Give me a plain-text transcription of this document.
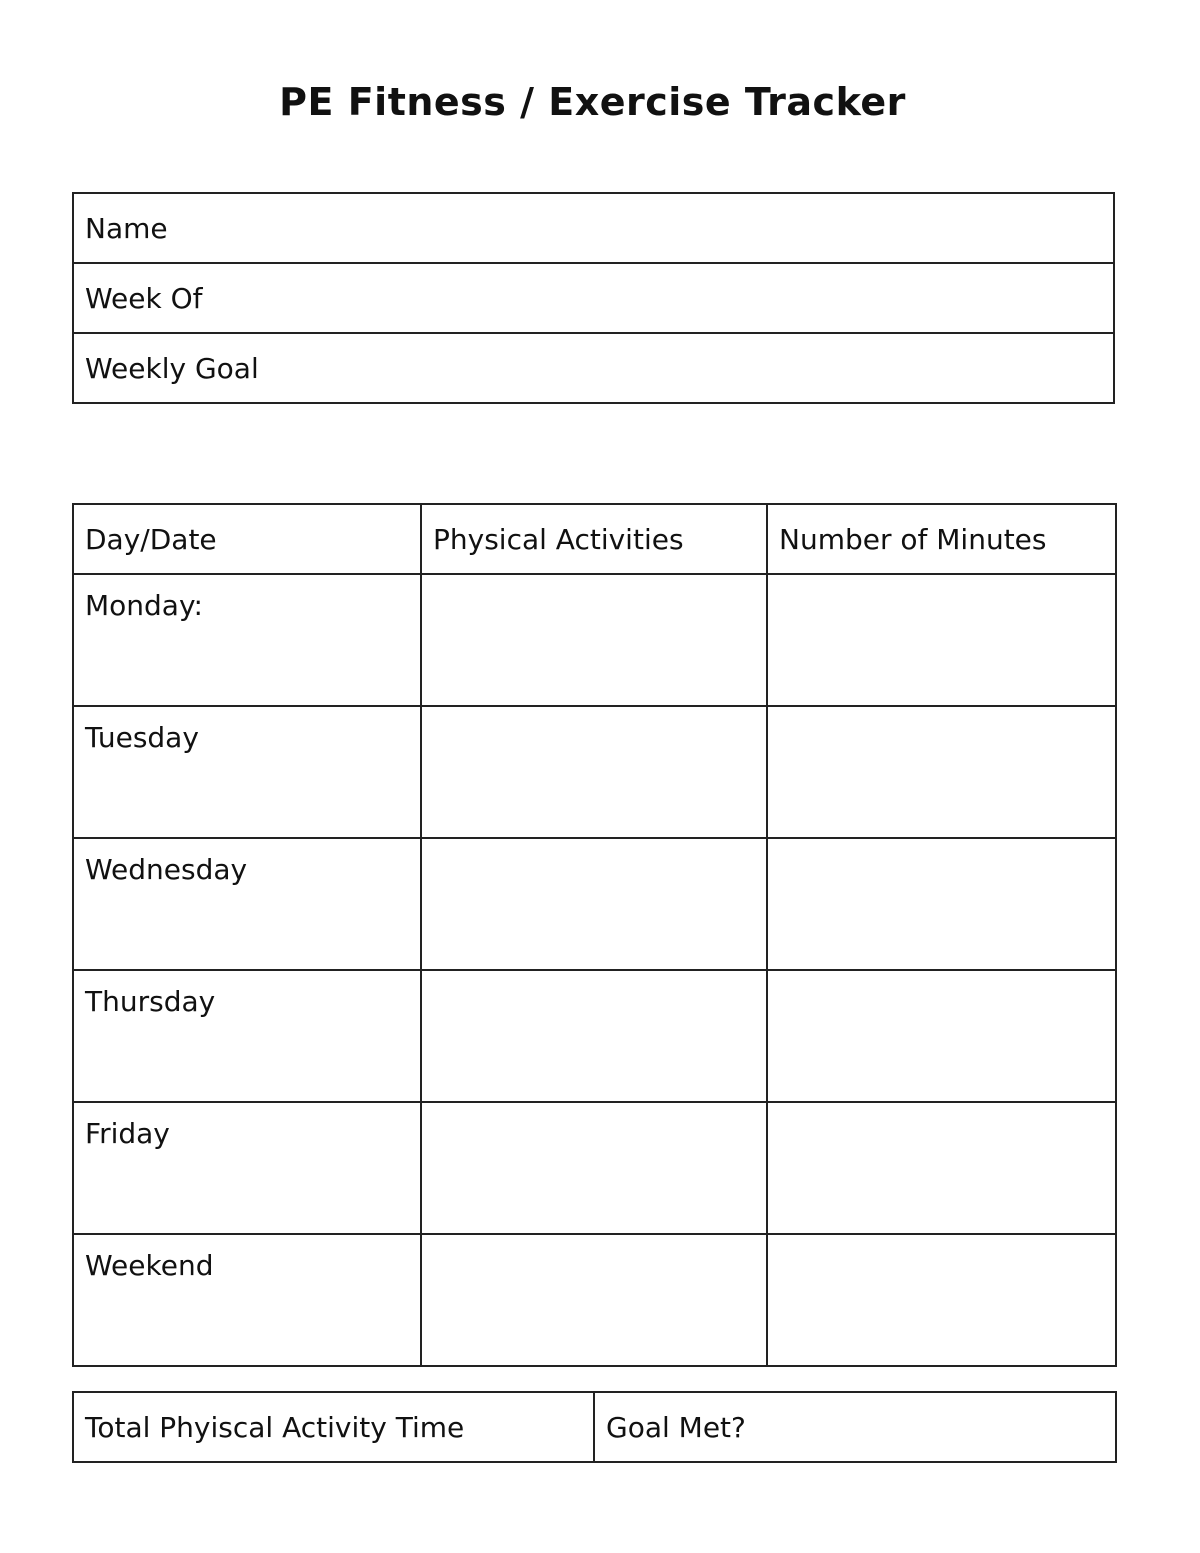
PE Fitness / Exercise Tracker
Name
Week Of
Weekly Goal
Day/Date	Physical Activities	Number of Minutes
Monday:		
Tuesday		
Wednesday		
Thursday		
Friday		
Weekend		
Total Phyiscal Activity Time	Goal Met?
